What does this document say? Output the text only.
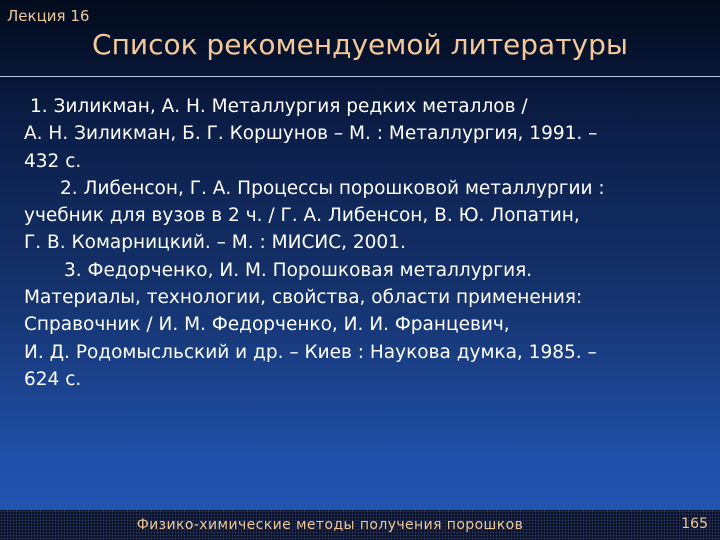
Лекция 16
Список рекомендуемой литературы
1. Зиликман, А. Н. Металлургия редких металлов /
А. Н. Зиликман, Б. Г. Коршунов – М. : Металлургия, 1991. –
432 с.
2. Либенсон, Г. А. Процессы порошковой металлургии :
учебник для вузов в 2 ч. / Г. А. Либенсон, В. Ю. Лопатин,
Г. В. Комарницкий. – М. : МИСИС, 2001.
3. Федорченко, И. М. Порошковая металлургия.
Материалы, технологии, свойства, области применения:
Справочник / И. М. Федорченко, И. И. Францевич,
И. Д. Родомысльский и др. – Киев : Наукова думка, 1985. –
624 с.
Физико-химические методы получения порошков	165
